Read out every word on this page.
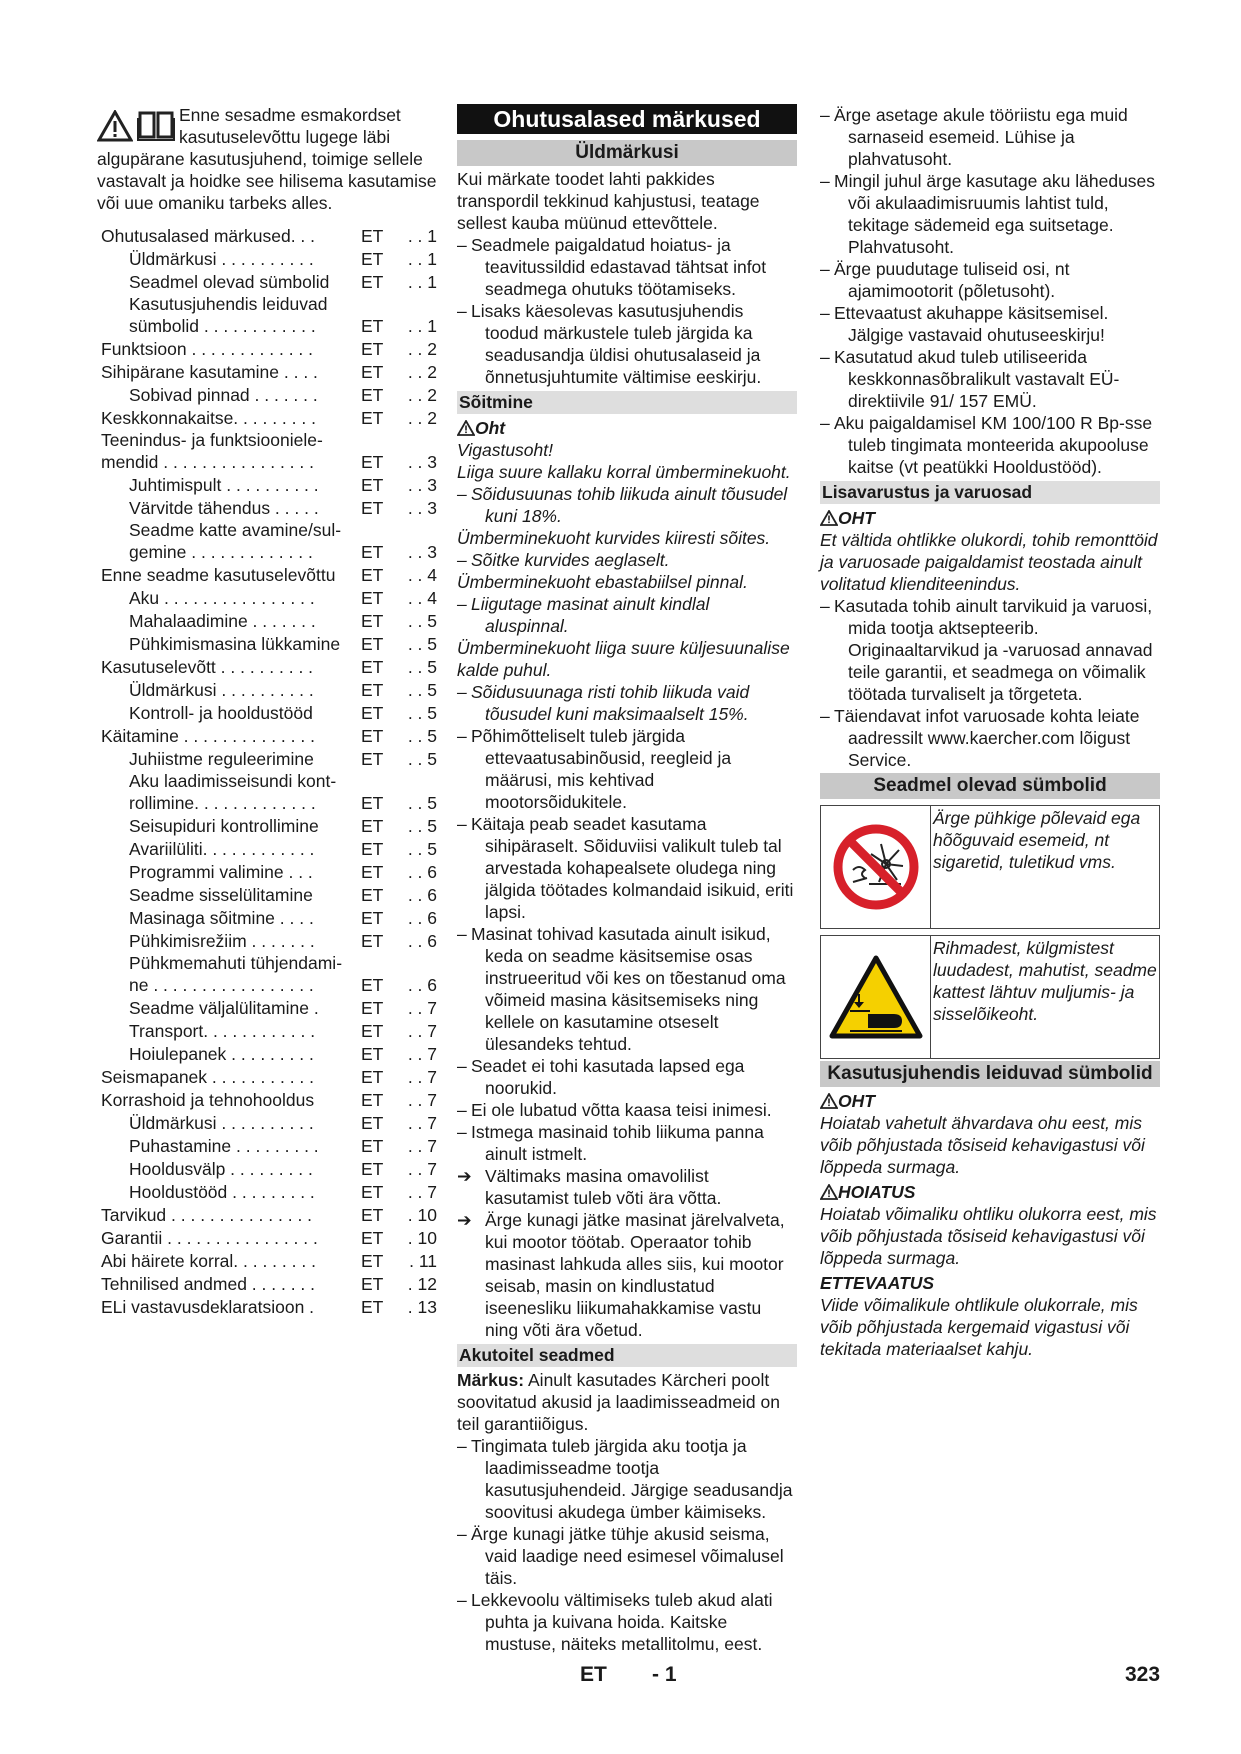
Enne sesadme esmakordset kasutuselevõttu lugege läbi algupärane kasutusjuhend, toimige sellele vastavalt ja hoidke see hilisema kasutamise või uue omaniku tarbeks alles.
Ohutusalased märkused. . .	ET	. . 1
Üldmärkusi . . . . . . . . . .	ET	. . 1
Seadmel olevad sümbolid	ET	. . 1
Kasutusjuhendis leiduvad sümbolid . . . . . . . . . . . .	ET	. . 1
Funktsioon . . . . . . . . . . . . .	ET	. . 2
Sihipärane kasutamine . . . .	ET	. . 2
Sobivad pinnad . . . . . . .	ET	. . 2
Keskkonnakaitse. . . . . . . . .	ET	. . 2
Teenindus- ja funktsiooniele-mendid . . . . . . . . . . . . . . . .	ET	. . 3
Juhtimispult . . . . . . . . . .	ET	. . 3
Värvitde tähendus . . . . .	ET	. . 3
Seadme katte avamine/sul-gemine . . . . . . . . . . . . .	ET	. . 3
Enne seadme kasutuselevõttu	ET	. . 4
Aku . . . . . . . . . . . . . . . .	ET	. . 4
Mahalaadimine . . . . . . .	ET	. . 5
Pühkimismasina lükkamine	ET	. . 5
Kasutuselevõtt . . . . . . . . . .	ET	. . 5
Üldmärkusi . . . . . . . . . .	ET	. . 5
Kontroll- ja hooldustööd	ET	. . 5
Käitamine . . . . . . . . . . . . . .	ET	. . 5
Juhiistme reguleerimine	ET	. . 5
Aku laadimisseisundi kont-rollimine. . . . . . . . . . . . .	ET	. . 5
Seisupiduri kontrollimine	ET	. . 5
Avariilüliti. . . . . . . . . . . .	ET	. . 5
Programmi valimine . . .	ET	. . 6
Seadme sisselülitamine	ET	. . 6
Masinaga sõitmine . . . .	ET	. . 6
Pühkimisrežiim . . . . . . .	ET	. . 6
Pühkmemahuti tühjendami-ne . . . . . . . . . . . . . . . . .	ET	. . 6
Seadme väljalülitamine .	ET	. . 7
Transport. . . . . . . . . . . .	ET	. . 7
Hoiulepanek . . . . . . . . .	ET	. . 7
Seismapanek . . . . . . . . . . .	ET	. . 7
Korrashoid ja tehnohooldus	ET	. . 7
Üldmärkusi . . . . . . . . . .	ET	. . 7
Puhastamine . . . . . . . . .	ET	. . 7
Hooldusvälp . . . . . . . . .	ET	. . 7
Hooldustööd . . . . . . . . .	ET	. . 7
Tarvikud . . . . . . . . . . . . . . .	ET	. 10
Garantii . . . . . . . . . . . . . . . .	ET	. 10
Abi häirete korral. . . . . . . . .	ET	. 11
Tehnilised andmed . . . . . . .	ET	. 12
ELi vastavusdeklaratsioon .	ET	. 13
Ohutusalased märkused
Üldmärkusi
Kui märkate toodet lahti pakkides transpordil tekkinud kahjustusi, teatage sellest kauba müünud ettevõttele.
– Seadmele paigaldatud hoiatus- ja teavitussildid edastavad tähtsat infot seadmega ohutuks töötamiseks.
– Lisaks käesolevas kasutusjuhendis toodud märkustele tuleb järgida ka seadusandja üldisi ohutusalaseid ja õnnetusjuhtumite vältimise eeskirju.
Sõitmine
Oht
Vigastusoht!
Liiga suure kallaku korral ümberminekuoht.
– Sõidusuunas tohib liikuda ainult tõusudel kuni 18%.
Ümberminekuoht kurvides kiiresti sõites.
– Sõitke kurvides aeglaselt.
Ümberminekuoht ebastabiilsel pinnal.
– Liigutage masinat ainult kindlal aluspinnal.
Ümberminekuoht liiga suure küljesuunalise kalde puhul.
– Sõidusuunaga risti tohib liikuda vaid tõusudel kuni maksimaalselt 15%.
– Põhimõtteliselt tuleb järgida ettevaatusabinõusid, reegleid ja määrusi, mis kehtivad mootorsõidukitele.
– Käitaja peab seadet kasutama sihipäraselt. Sõiduviisi valikult tuleb tal arvestada kohapealsete oludega ning jälgida töötades kolmandaid isikuid, eriti lapsi.
– Masinat tohivad kasutada ainult isikud, keda on seadme käsitsemise osas instrueeritud või kes on tõestanud oma võimeid masina käsitsemiseks ning kellele on kasutamine otseselt ülesandeks tehtud.
– Seadet ei tohi kasutada lapsed ega noorukid.
– Ei ole lubatud võtta kaasa teisi inimesi.
– Istmega masinaid tohib liikuma panna ainult istmelt.
➔Vältimaks masina omavolilist kasutamist tuleb võti ära võtta.
➔Ärge kunagi jätke masinat järelvalveta, kui mootor töötab. Operaator tohib masinast lahkuda alles siis, kui mootor seisab, masin on kindlustatud iseenesliku liikumahakkamise vastu ning võti ära võetud.
Akutoitel seadmed
Märkus: Ainult kasutades Kärcheri poolt soovitatud akusid ja laadimisseadmeid on teil garantiiõigus.
– Tingimata tuleb järgida aku tootja ja laadimisseadme tootja kasutusjuhendeid. Järgige seadusandja soovitusi akudega ümber käimiseks.
– Ärge kunagi jätke tühje akusid seisma, vaid laadige need esimesel võimalusel täis.
– Lekkevoolu vältimiseks tuleb akud alati puhta ja kuivana hoida. Kaitske mustuse, näiteks metallitolmu, eest.
– Ärge asetage akule tööriistu ega muid sarnaseid esemeid. Lühise ja plahvatusoht.
– Mingil juhul ärge kasutage aku läheduses või akulaadimisruumis lahtist tuld, tekitage sädemeid ega suitsetage. Plahvatusoht.
– Ärge puudutage tuliseid osi, nt ajamimootorit (põletusoht).
– Ettevaatust akuhappe käsitsemisel. Jälgige vastavaid ohutuseeskirju!
– Kasutatud akud tuleb utiliseerida keskkonnasõbralikult vastavalt EÜ-direktiivile 91/ 157 EMÜ.
– Aku paigaldamisel KM 100/100 R Bp-sse tuleb tingimata monteerida akupooluse kaitse (vt peatükki Hooldustööd).
Lisavarustus ja varuosad
OHT
Et vältida ohtlikke olukordi, tohib remonttöid ja varuosade paigaldamist teostada ainult volitatud klienditeenindus.
– Kasutada tohib ainult tarvikuid ja varuosi, mida tootja aktsepteerib. Originaaltarvikud ja -varuosad annavad teile garantii, et seadmega on võimalik töötada turvaliselt ja tõrgeteta.
– Täiendavat infot varuosade kohta leiate aadressilt www.kaercher.com lõigust Service.
Seadmel olevad sümbolid
Ärge pühkige põlevaid ega hõõguvaid esemeid, nt sigaretid, tuletikud vms.
Rihmadest, külgmistest luudadest, mahutist, seadme kattest lähtuv muljumis- ja sisselõikeoht.
Kasutusjuhendis leiduvad sümbolid
OHT
Hoiatab vahetult ähvardava ohu eest, mis võib põhjustada tõsiseid kehavigastusi või lõppeda surmaga.
HOIATUS
Hoiatab võimaliku ohtliku olukorra eest, mis võib põhjustada tõsiseid kehavigastusi või lõppeda surmaga.
ETTEVAATUS
Viide võimalikule ohtlikule olukorrale, mis võib põhjustada kergemaid vigastusi või tekitada materiaalset kahju.
ET - 1	323
